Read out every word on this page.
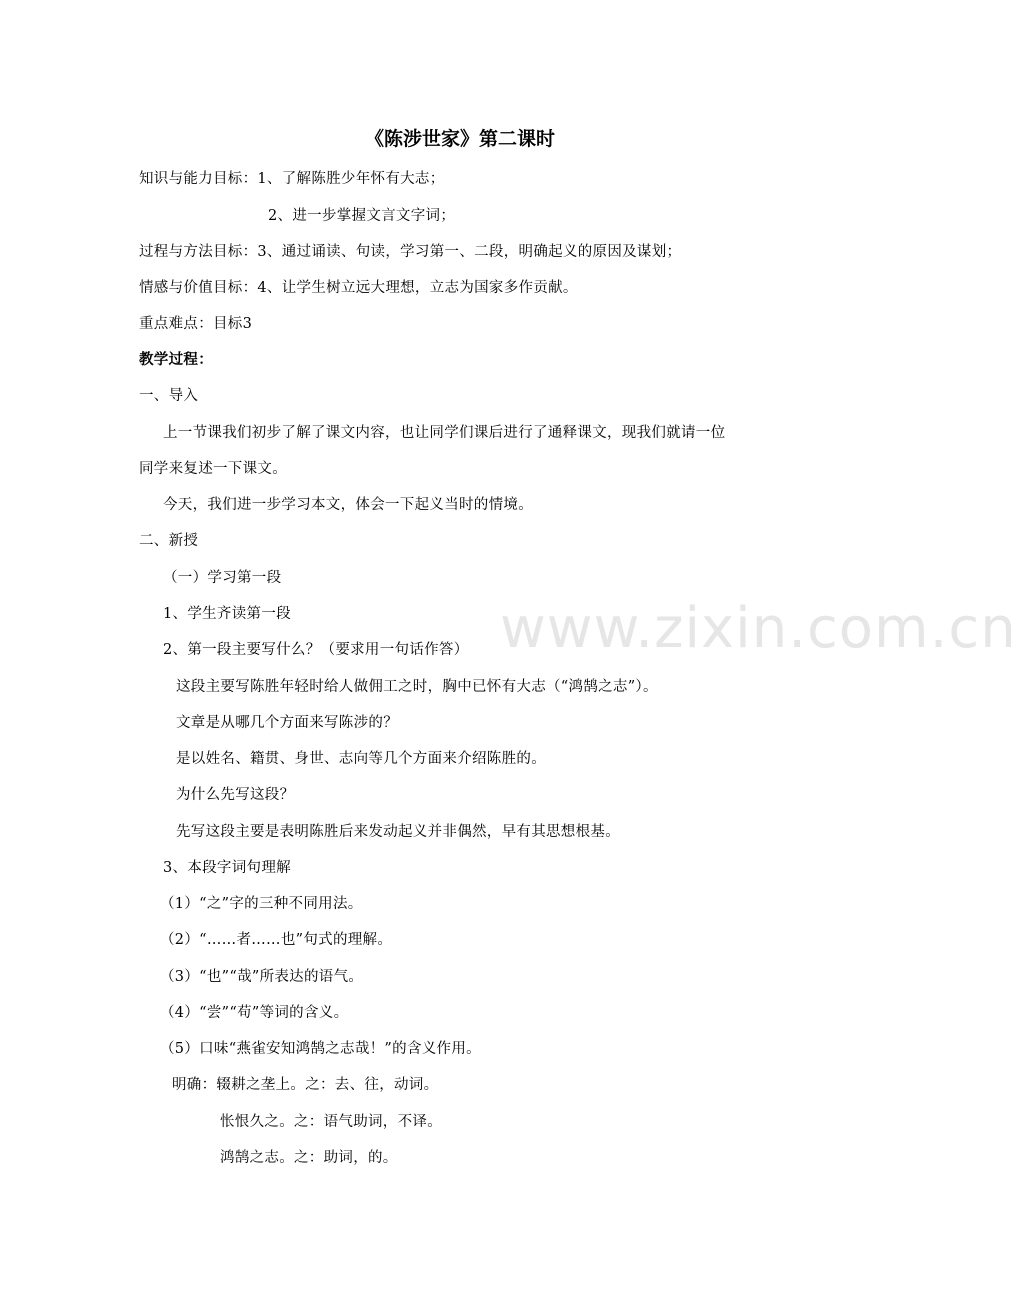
《陈涉世家》第二课时
知识与能力目标：1、了解陈胜少年怀有大志；
2、进一步掌握文言文字词；
过程与方法目标：3、通过诵读、句读，学习第一、二段，明确起义的原因及谋划；
情感与价值目标：4、让学生树立远大理想，立志为国家多作贡献。
重点难点：目标3
教学过程：
一、导入
上一节课我们初步了解了课文内容，也让同学们课后进行了通释课文，现我们就请一位
同学来复述一下课文。
今天，我们进一步学习本文，体会一下起义当时的情境。
二、新授
（一）学习第一段
1、学生齐读第一段
2、第一段主要写什么？（要求用一句话作答）
这段主要写陈胜年轻时给人做佣工之时，胸中已怀有大志（“鸿鹄之志”）。
文章是从哪几个方面来写陈涉的？
是以姓名、籍贯、身世、志向等几个方面来介绍陈胜的。
为什么先写这段？
先写这段主要是表明陈胜后来发动起义并非偶然，早有其思想根基。
3、本段字词句理解
（1）“之”字的三种不同用法。
（2）“……者……也”句式的理解。
（3）“也”“哉”所表达的语气。
（4）“尝”“苟”等词的含义。
（5）口味“燕雀安知鸿鹄之志哉！”的含义作用。
明确：辍耕之垄上。之：去、往，动词。
怅恨久之。之：语气助词，不译。
鸿鹄之志。之：助词，的。
www.zixin.com.cn
